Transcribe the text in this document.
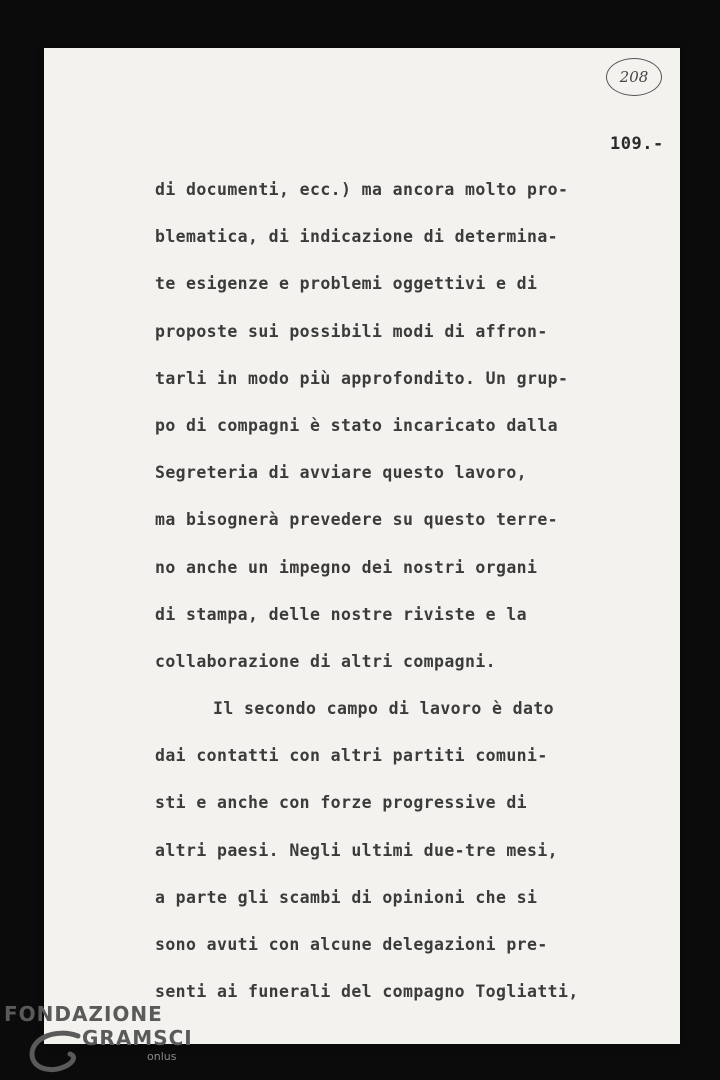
208
109.-
di documenti, ecc.) ma ancora molto pro-
blematica, di indicazione di determina-
te esigenze e problemi oggettivi e di
proposte sui possibili modi di affron-
tarli in modo più approfondito. Un grup-
po di compagni è stato incaricato dalla
Segreteria di avviare questo lavoro,
ma bisognerà prevedere su questo terre-
no anche un impegno dei nostri organi
di stampa, delle nostre riviste e la
collaborazione di altri compagni.
Il secondo campo di lavoro è dato
dai contatti con altri partiti comuni-
sti e anche con forze progressive di
altri paesi. Negli ultimi due-tre mesi,
a parte gli scambi di opinioni che si
sono avuti con alcune delegazioni pre-
senti ai funerali del compagno Togliatti,
FONDAZIONE
GRAMSCI
onlus
